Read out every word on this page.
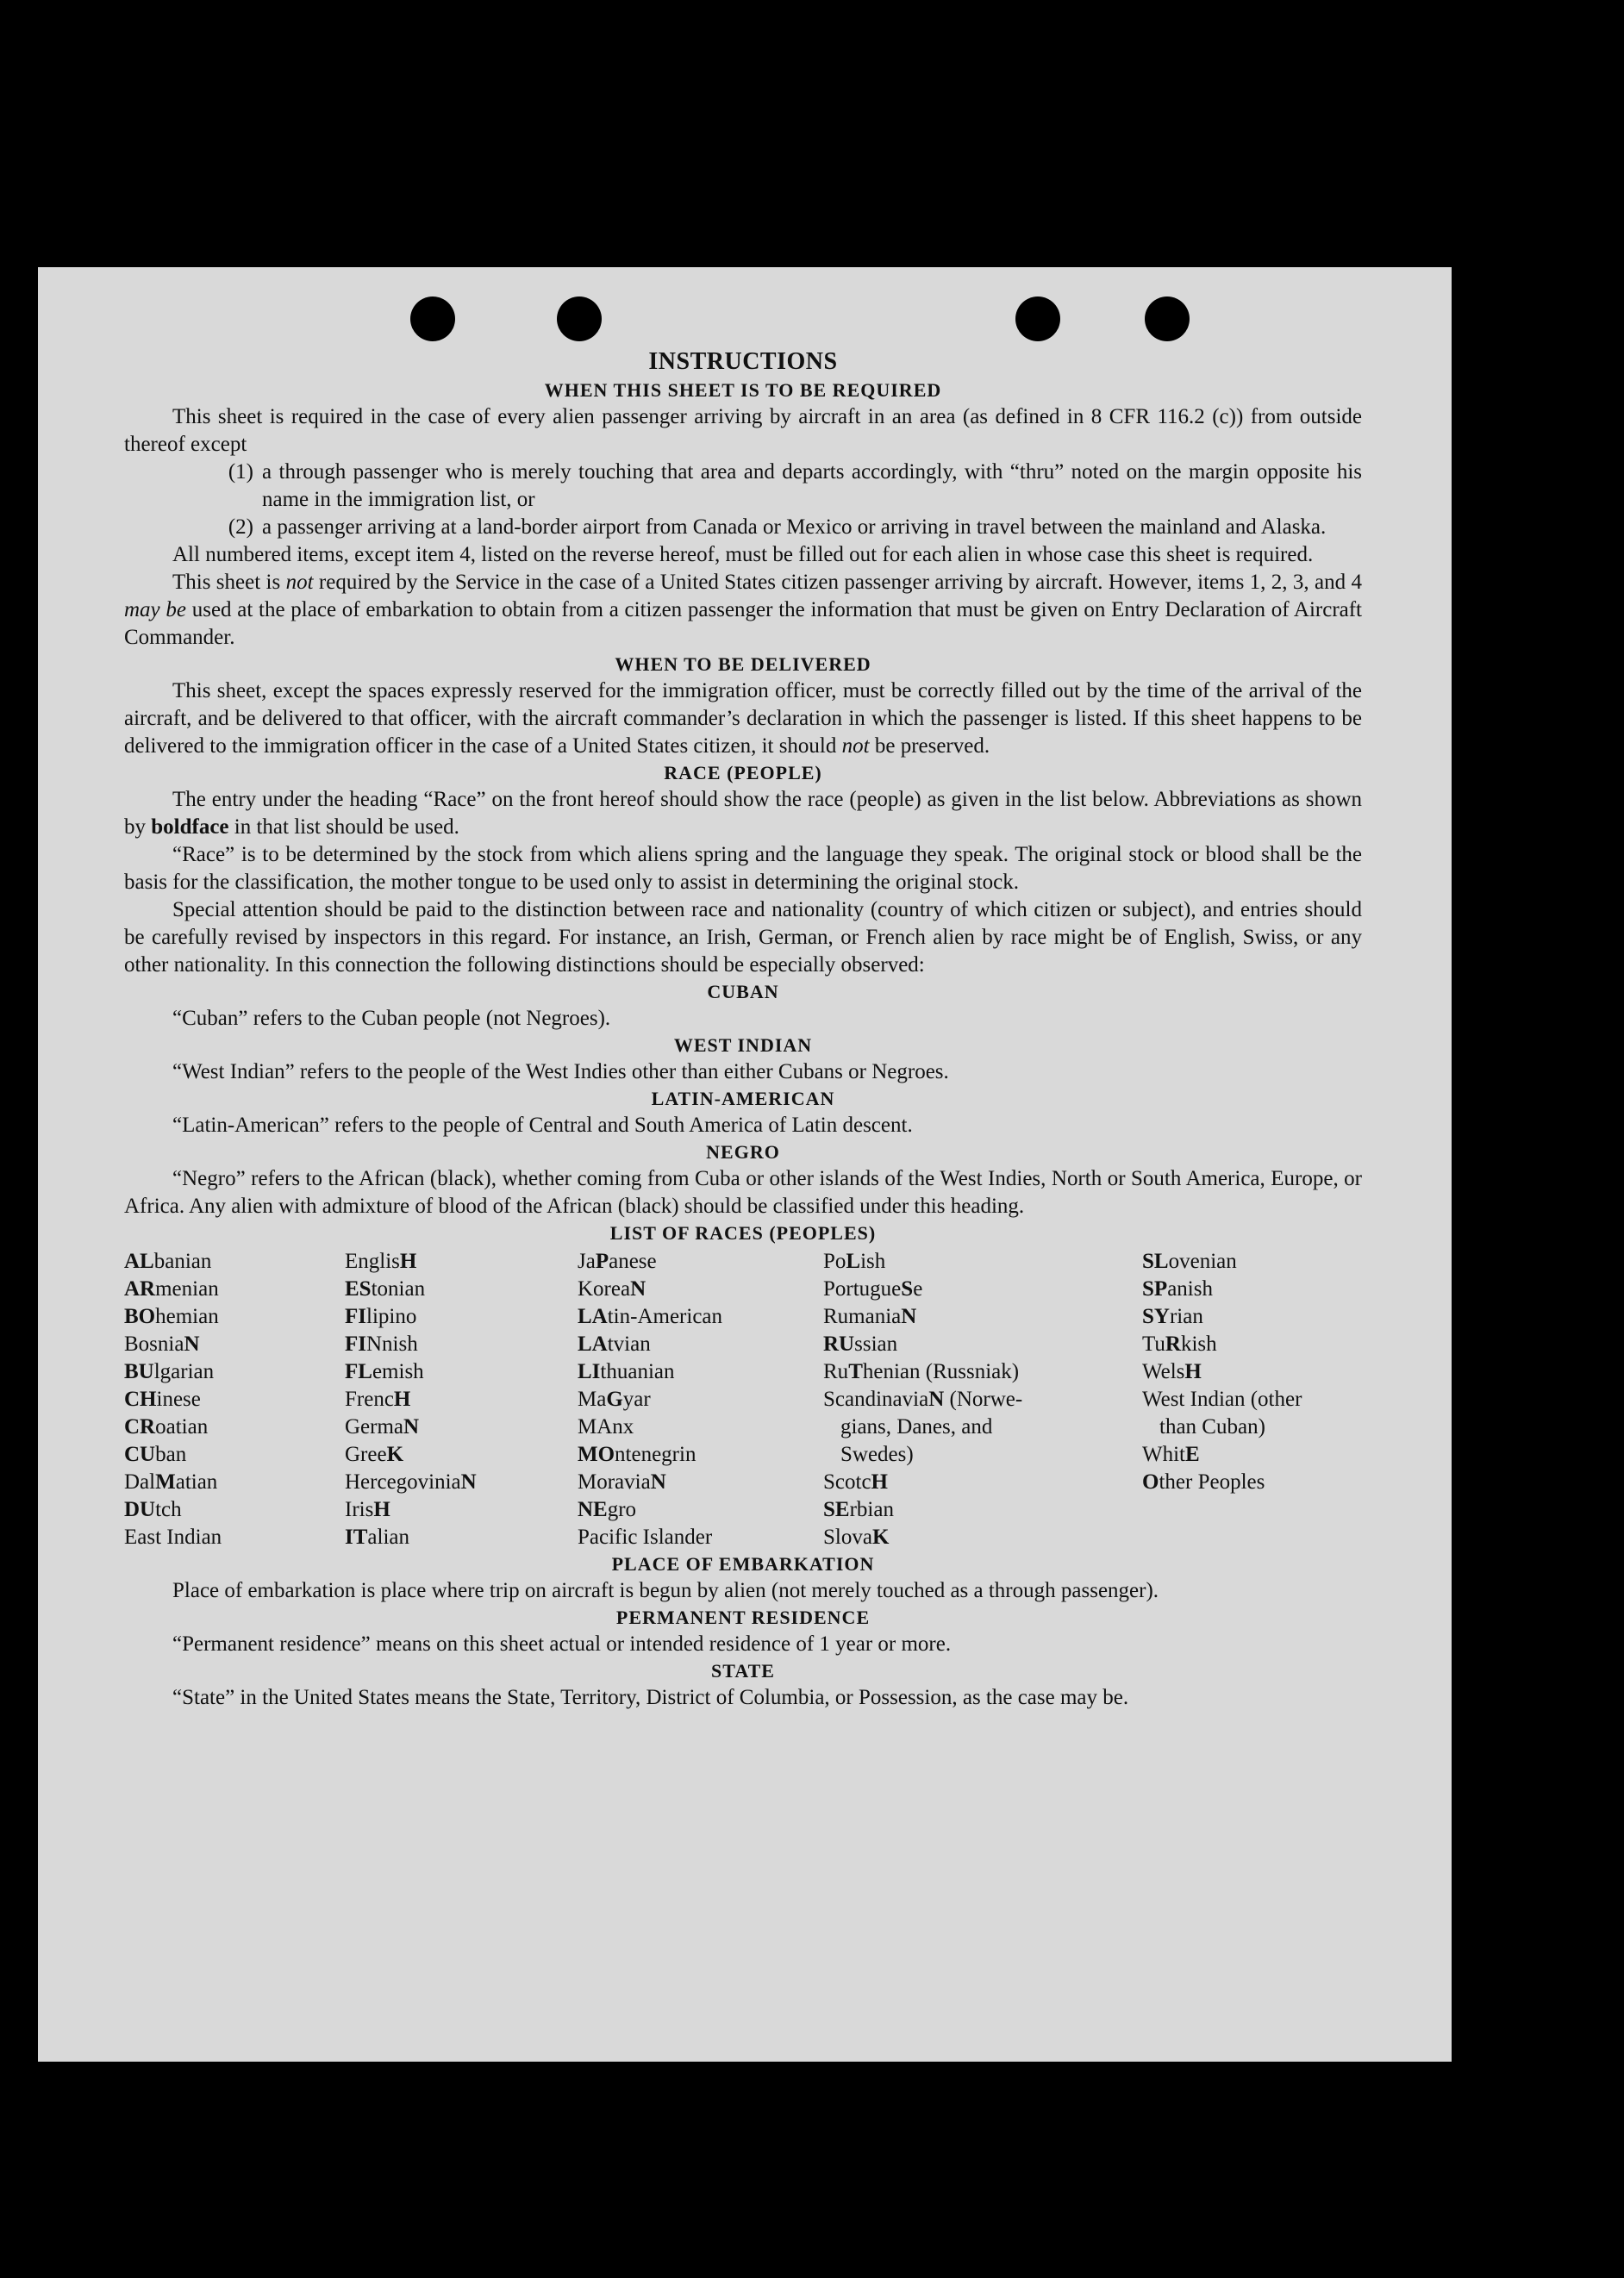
INSTRUCTIONS
WHEN THIS SHEET IS TO BE REQUIRED

This sheet is required in the case of every alien passenger arriving by aircraft in an area (as defined in 8 CFR 116.2 (c)) from outside thereof except

(1) a through passenger who is merely touching that area and departs accordingly, with “thru” noted on the margin opposite his name in the immigration list, or
(2) a passenger arriving at a land-border airport from Canada or Mexico or arriving in travel between the mainland and Alaska.

All numbered items, except item 4, listed on the reverse hereof, must be filled out for each alien in whose case this sheet is required.

This sheet is not required by the Service in the case of a United States citizen passenger arriving by aircraft. However, items 1, 2, 3, and 4 may be used at the place of embarkation to obtain from a citizen passenger the information that must be given on Entry Declaration of Aircraft Commander.

WHEN TO BE DELIVERED

This sheet, except the spaces expressly reserved for the immigration officer, must be correctly filled out by the time of the arrival of the aircraft, and be delivered to that officer, with the aircraft commander’s declaration in which the passenger is listed. If this sheet happens to be delivered to the immigration officer in the case of a United States citizen, it should not be preserved.

RACE (PEOPLE)

The entry under the heading “Race” on the front hereof should show the race (people) as given in the list below. Abbreviations as shown by boldface in that list should be used.

“Race” is to be determined by the stock from which aliens spring and the language they speak. The original stock or blood shall be the basis for the classification, the mother tongue to be used only to assist in determining the original stock.

Special attention should be paid to the distinction between race and nationality (country of which citizen or subject), and entries should be carefully revised by inspectors in this regard. For instance, an Irish, German, or French alien by race might be of English, Swiss, or any other nationality. In this connection the following distinctions should be especially observed:

CUBAN

“Cuban” refers to the Cuban people (not Negroes).

WEST INDIAN

“West Indian” refers to the people of the West Indies other than either Cubans or Negroes.

LATIN-AMERICAN

“Latin-American” refers to the people of Central and South America of Latin descent.

NEGRO

“Negro” refers to the African (black), whether coming from Cuba or other islands of the West Indies, North or South America, Europe, or Africa. Any alien with admixture of blood of the African (black) should be classified under this heading.

LIST OF RACES (PEOPLES)
ALbanian
ARmenian
BOhemian
BosniaN
BUlgarian
CHinese
CRoatian
CUban
DalMatian
DUtch
East Indian
EnglisH
EStonian
FIlipino
FINnish
FLemish
FrencH
GermaN
GreeK
HercegoviniaN
IrisH
ITalian
JaPanese
KoreaN
LAtin-American
LAtvian
LIthuanian
MaGyar
MAnx
MOntenegrin
MoraviaN
NEgro
Pacific Islander
PoLish
PortugueSe
RumaniaN
RUssian
RuThenian (Russniak)
ScandinaviaN (Norwe-
gians, Danes, and
Swedes)
ScotcH
SErbian
SlovaK
SLovenian
SPanish
SYrian
TuRkish
WelsH
West Indian (other
than Cuban)
WhitE
Other Peoples
PLACE OF EMBARKATION

Place of embarkation is place where trip on aircraft is begun by alien (not merely touched as a through passenger).

PERMANENT RESIDENCE

“Permanent residence” means on this sheet actual or intended residence of 1 year or more.

STATE

“State” in the United States means the State, Territory, District of Columbia, or Possession, as the case may be.
